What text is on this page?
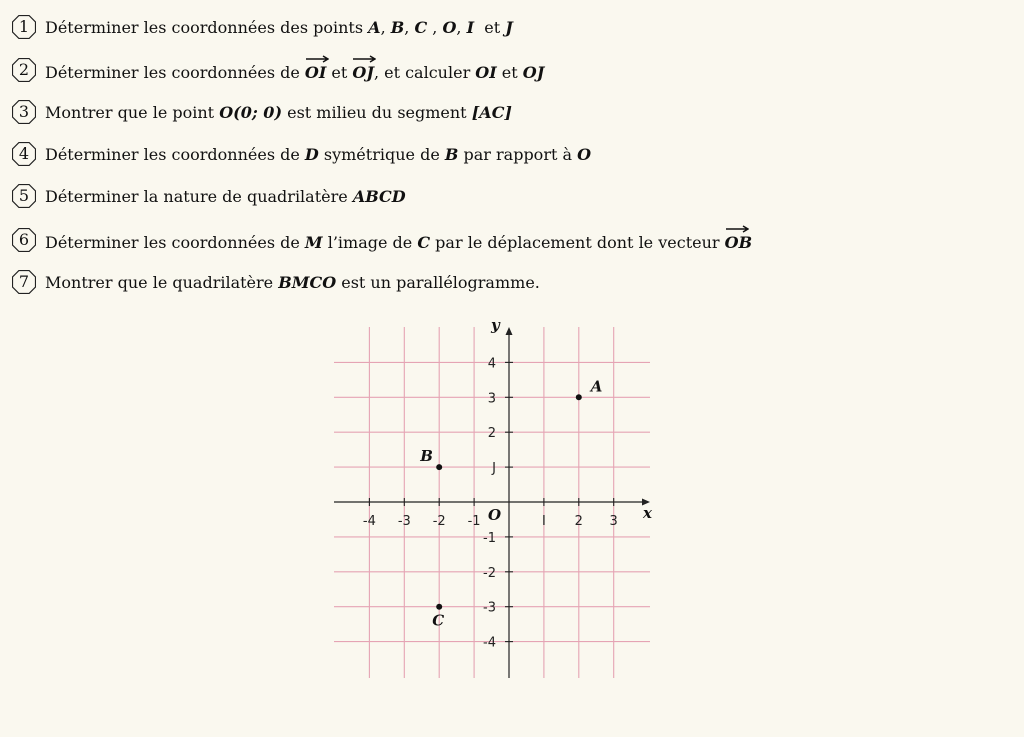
1 Déterminer les coordonnées des points A, B, C , O, I  et J
2 Déterminer les coordonnées de OI
et OJ
, et calculer OI et OJ
3 Montrer que le point O(0; 0) est milieu du segment [AC]
4 Déterminer les coordonnées de D symétrique de B par rapport à O
5 Déterminer la nature de quadrilatère ABCD
6 Déterminer les coordonnées de M l’image de C par le déplacement dont le vecteur OB
7 Montrer que le quadrilatère BMCO est un parallélogramme.
x
y
O
-4 -3 -2 -1	I 2 3
4
3
2
J
-1
-2
-3
-4
A
B
C
